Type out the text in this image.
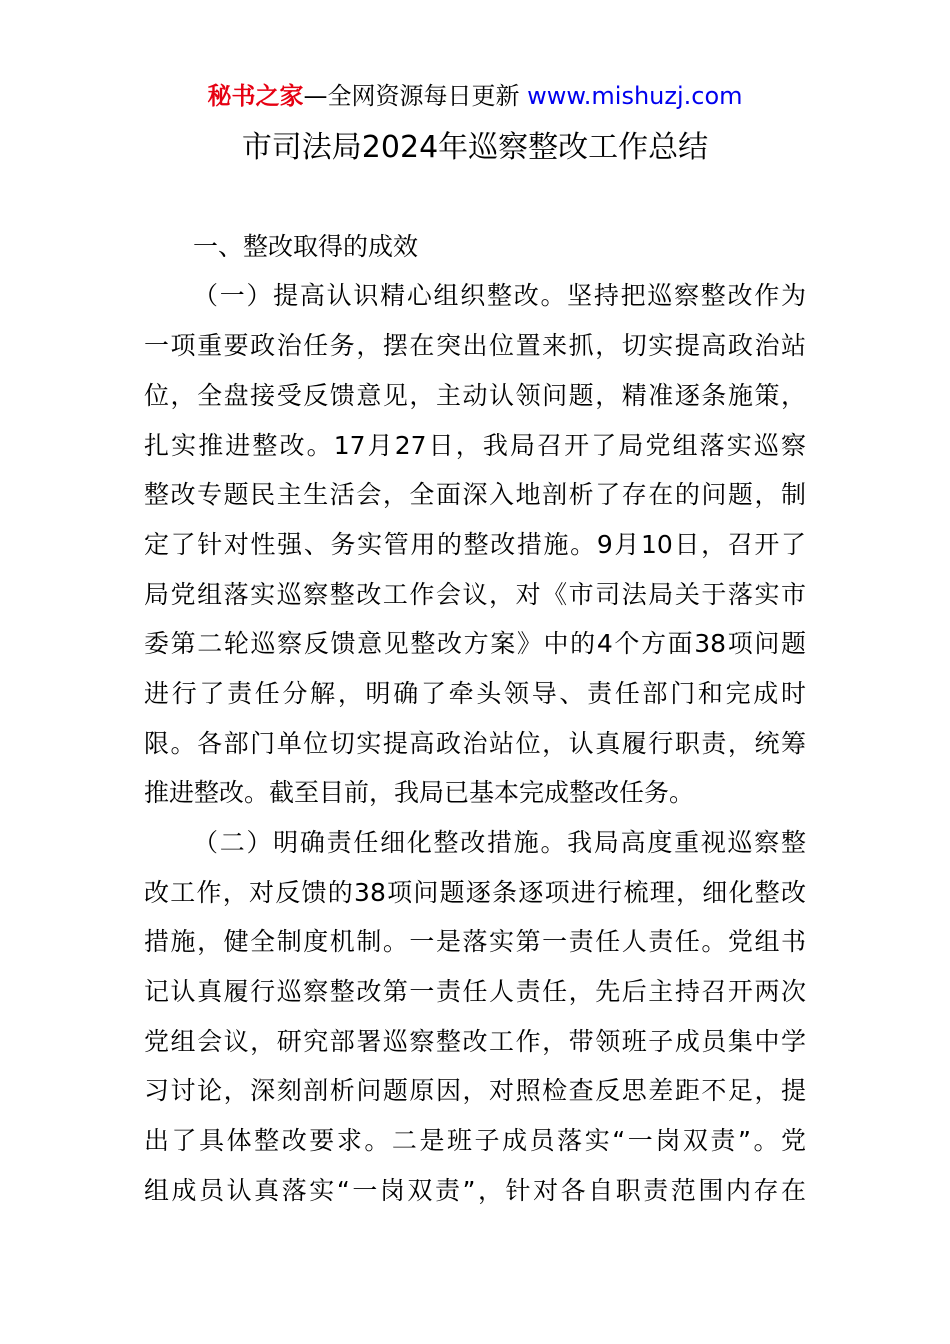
秘书之家—全网资源每日更新 www.mishuzj.com
市司法局2024年巡察整改工作总结
一、整改取得的成效
（一）提高认识精心组织整改。坚持把巡察整改作为
一项重要政治任务，摆在突出位置来抓，切实提高政治站
位，全盘接受反馈意见，主动认领问题，精准逐条施策，
扎实推进整改。17月27日，我局召开了局党组落实巡察
整改专题民主生活会，全面深入地剖析了存在的问题，制
定了针对性强、务实管用的整改措施。9月10日，召开了
局党组落实巡察整改工作会议，对《市司法局关于落实市
委第二轮巡察反馈意见整改方案》中的4个方面38项问题
进行了责任分解，明确了牵头领导、责任部门和完成时
限。各部门单位切实提高政治站位，认真履行职责，统筹
推进整改。截至目前，我局已基本完成整改任务。
（二）明确责任细化整改措施。我局高度重视巡察整
改工作，对反馈的38项问题逐条逐项进行梳理，细化整改
措施，健全制度机制。一是落实第一责任人责任。党组书
记认真履行巡察整改第一责任人责任，先后主持召开两次
党组会议，研究部署巡察整改工作，带领班子成员集中学
习讨论，深刻剖析问题原因，对照检查反思差距不足，提
出了具体整改要求。二是班子成员落实“一岗双责”。党
组成员认真落实“一岗双责”，针对各自职责范围内存在
